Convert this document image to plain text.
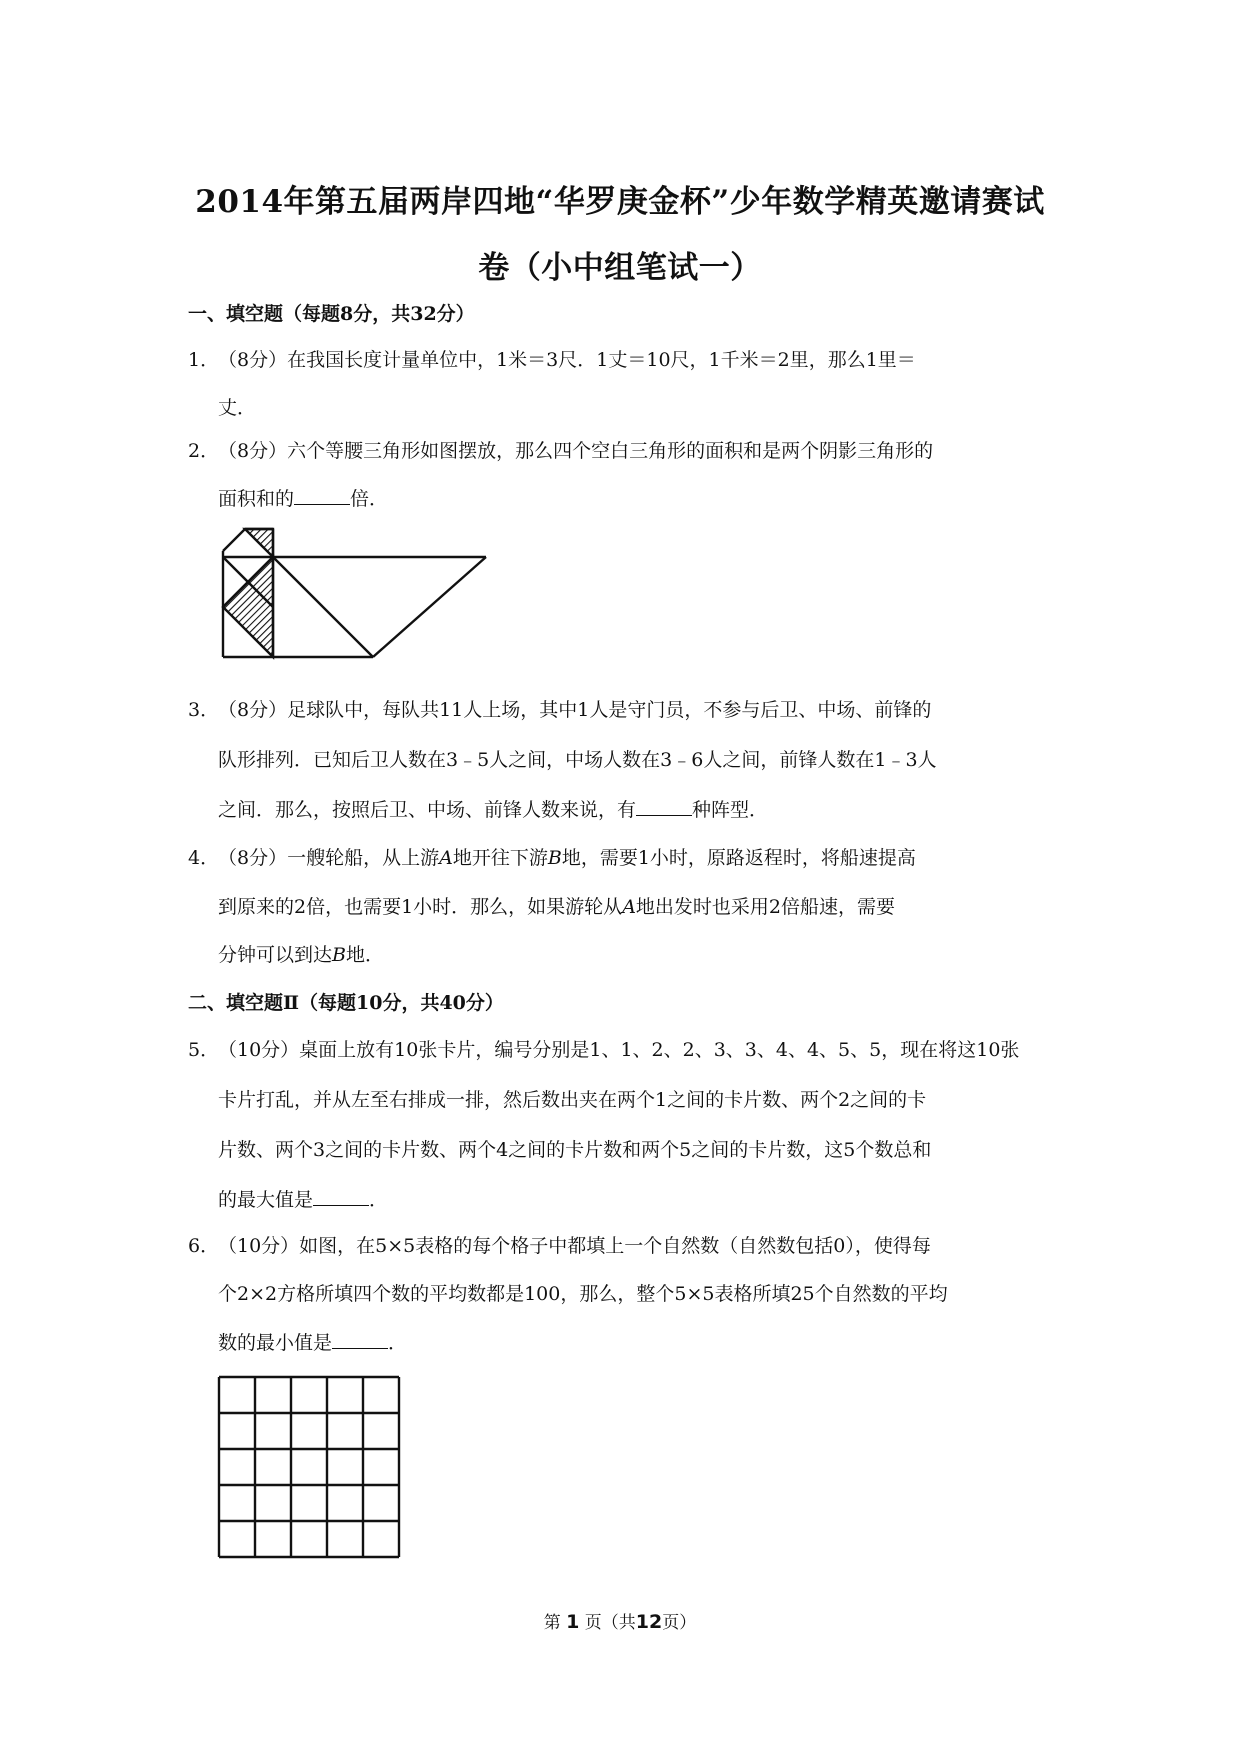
2014年第五届两岸四地“华罗庚金杯”少年数学精英邀请赛试
卷（小中组笔试一）
一、填空题（每题8分，共32分）
1．
（8分）在我国长度计量单位中，1米＝3尺．1丈＝10尺，1千米＝2里，那么1里＝
丈．
2．
（8分）六个等腰三角形如图摆放，那么四个空白三角形的面积和是两个阴影三角形的
面积和的	倍．
3．
（8分）足球队中，每队共11人上场，其中1人是守门员，不参与后卫、中场、前锋的
队形排列．已知后卫人数在3﹣5人之间，中场人数在3﹣6人之间，前锋人数在1﹣3人
之间．那么，按照后卫、中场、前锋人数来说，有	种阵型．
4．
（8分）一艘轮船，从上游A地开往下游B地，需要1小时，原路返程时，将船速提高
到原来的2倍，也需要1小时．那么，如果游轮从A地出发时也采用2倍船速，需要
分钟可以到达B地．
二、填空题Ⅱ（每题10分，共40分）
5．
（10分）桌面上放有10张卡片，编号分别是1、1、2、2、3、3、4、4、5、5，现在将这10张
卡片打乱，并从左至右排成一排，然后数出夹在两个1之间的卡片数、两个2之间的卡
片数、两个3之间的卡片数、两个4之间的卡片数和两个5之间的卡片数，这5个数总和
的最大值是	．
6．
（10分）如图，在5×5表格的每个格子中都填上一个自然数（自然数包括0），使得每
个2×2方格所填四个数的平均数都是100，那么，整个5×5表格所填25个自然数的平均
数的最小值是	．
第 1 页（共12页）
